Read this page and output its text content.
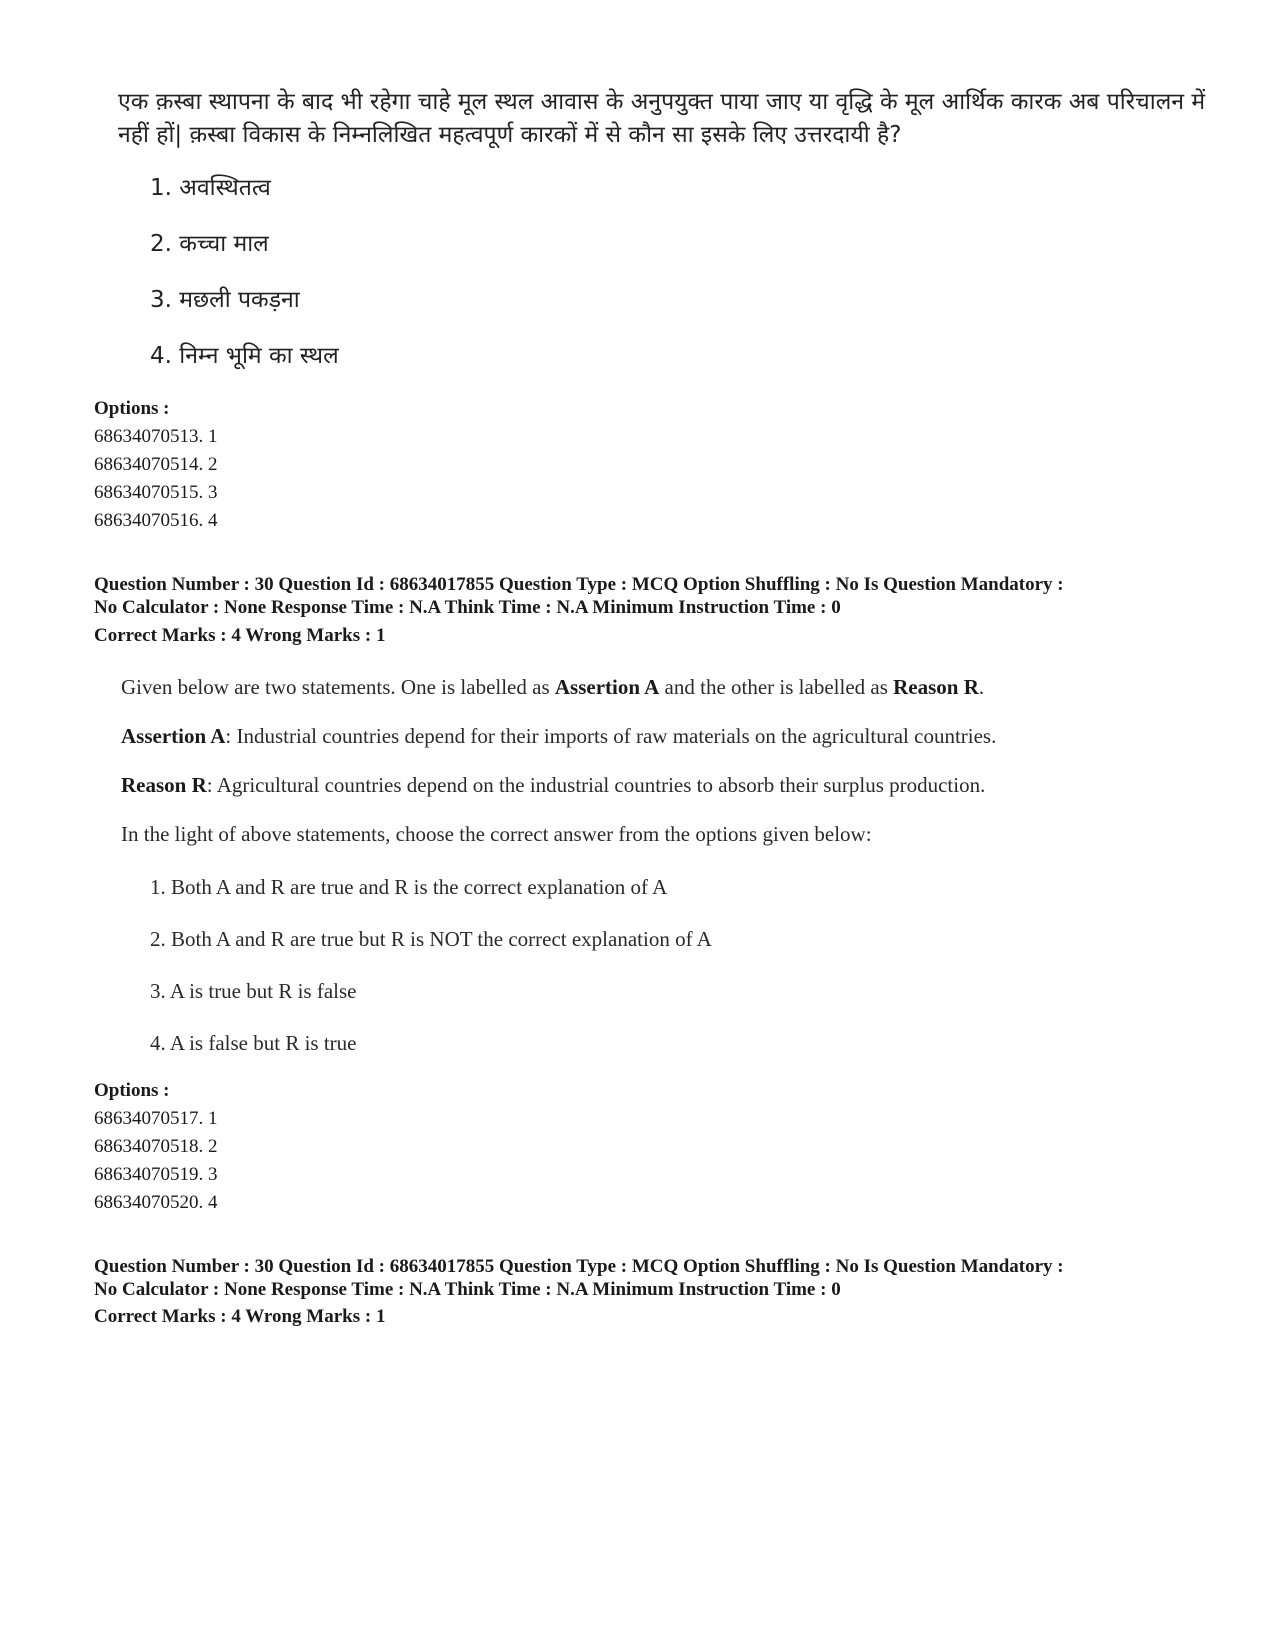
एक क़स्बा स्थापना के बाद भी रहेगा चाहे मूल स्थल आवास के अनुपयुक्त पाया जाए या वृद्धि के मूल आर्थिक कारक अब परिचालन में नहीं हों| क़स्बा विकास के निम्नलिखित महत्वपूर्ण कारकों में से कौन सा इसके लिए उत्तरदायी है?

1. अवस्थितत्व
2. कच्चा माल
3. मछली पकड़ना
4. निम्न भूमि का स्थल
Options :
68634070513. 1
68634070514. 2
68634070515. 3
68634070516. 4
Question Number : 30 Question Id : 68634017855 Question Type : MCQ Option Shuffling : No Is Question Mandatory :
No Calculator : None Response Time : N.A Think Time : N.A Minimum Instruction Time : 0
Correct Marks : 4 Wrong Marks : 1
Given below are two statements. One is labelled as Assertion A and the other is labelled as Reason R.
Assertion A: Industrial countries depend for their imports of raw materials on the agricultural countries.
Reason R: Agricultural countries depend on the industrial countries to absorb their surplus production.
In the light of above statements, choose the correct answer from the options given below:
1. Both A and R are true and R is the correct explanation of A
2. Both A and R are true but R is NOT the correct explanation of A
3. A is true but R is false
4. A is false but R is true
Options :
68634070517. 1
68634070518. 2
68634070519. 3
68634070520. 4
Question Number : 30 Question Id : 68634017855 Question Type : MCQ Option Shuffling : No Is Question Mandatory :
No Calculator : None Response Time : N.A Think Time : N.A Minimum Instruction Time : 0
Correct Marks : 4 Wrong Marks : 1
